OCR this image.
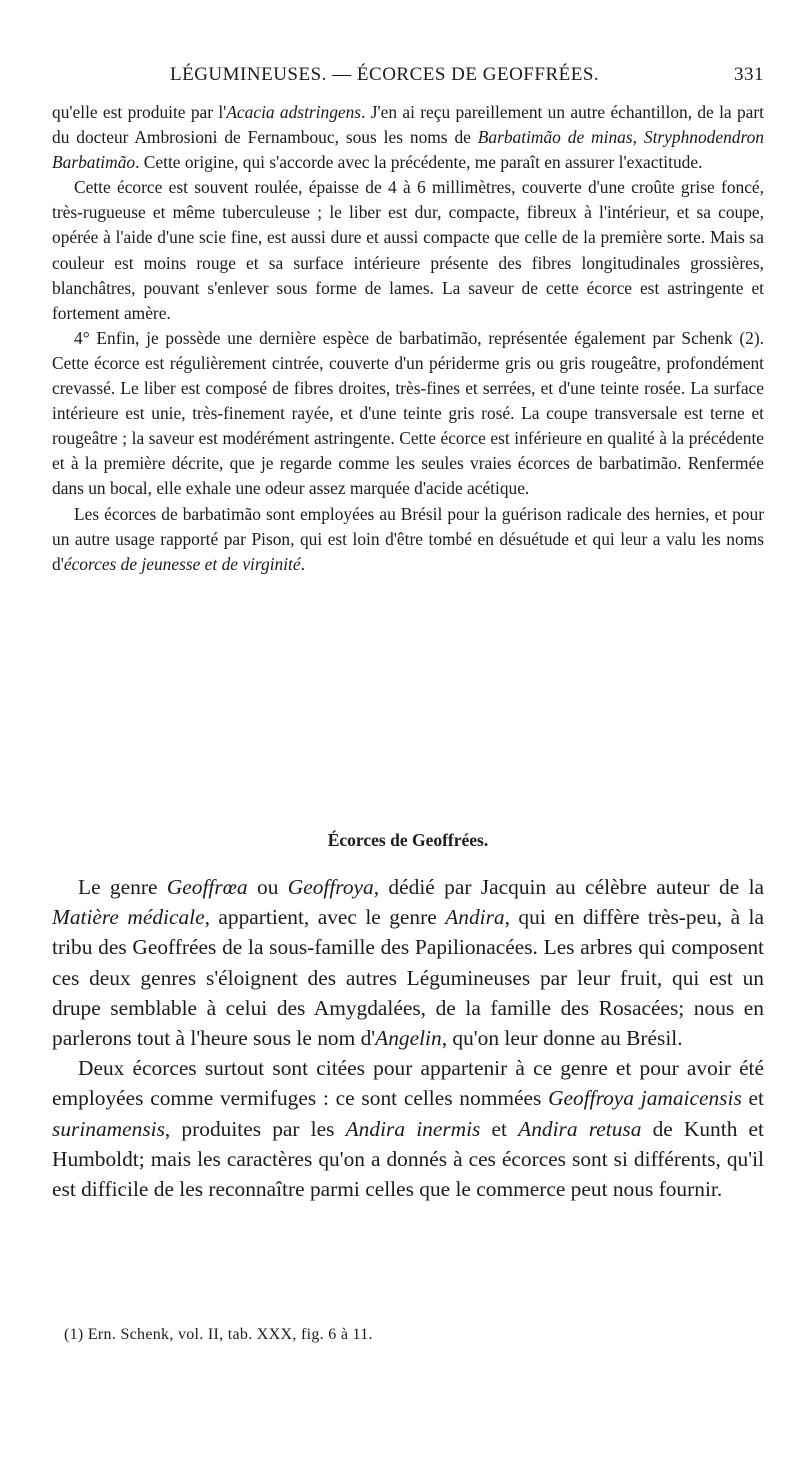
LÉGUMINEUSES. — ÉCORCES DE GEOFFRÉES.	331

qu'elle est produite par l'Acacia adstringens. J'en ai reçu pareillement un autre échantillon, de la part du docteur Ambrosioni de Fernambouc, sous les noms de Barbatimão de minas, Stryphnodendron Barbatimão. Cette origine, qui s'accorde avec la précédente, me paraît en assurer l'exactitude.

Cette écorce est souvent roulée, épaisse de 4 à 6 millimètres, couverte d'une croûte grise foncé, très-rugueuse et même tuberculeuse ; le liber est dur, compacte, fibreux à l'intérieur, et sa coupe, opérée à l'aide d'une scie fine, est aussi dure et aussi compacte que celle de la première sorte. Mais sa couleur est moins rouge et sa surface intérieure présente des fibres longitudinales grossières, blanchâtres, pouvant s'enlever sous forme de lames. La saveur de cette écorce est astringente et fortement amère.

4° Enfin, je possède une dernière espèce de barbatimão, représentée également par Schenk (2). Cette écorce est régulièrement cintrée, couverte d'un périderme gris ou gris rougeâtre, profondément crevassé. Le liber est composé de fibres droites, très-fines et serrées, et d'une teinte rosée. La surface intérieure est unie, très-finement rayée, et d'une teinte gris rosé. La coupe transversale est terne et rougeâtre ; la saveur est modérément astringente. Cette écorce est inférieure en qualité à la précédente et à la première décrite, que je regarde comme les seules vraies écorces de barbatimão. Renfermée dans un bocal, elle exhale une odeur assez marquée d'acide acétique.

Les écorces de barbatimão sont employées au Brésil pour la guérison radicale des hernies, et pour un autre usage rapporté par Pison, qui est loin d'être tombé en désuétude et qui leur a valu les noms d'écorces de jeunesse et de virginité.

Écorces de Geoffrées.

Le genre Geoffrœa ou Geoffroya, dédié par Jacquin au célèbre auteur de la Matière médicale, appartient, avec le genre Andira, qui en diffère très-peu, à la tribu des Geoffrées de la sous-famille des Papilionacées. Les arbres qui composent ces deux genres s'éloignent des autres Légumineuses par leur fruit, qui est un drupe semblable à celui des Amygdalées, de la famille des Rosacées; nous en parlerons tout à l'heure sous le nom d'Angelin, qu'on leur donne au Brésil.

Deux écorces surtout sont citées pour appartenir à ce genre et pour avoir été employées comme vermifuges : ce sont celles nommées Geoffroya jamaicensis et surinamensis, produites par les Andira inermis et Andira retusa de Kunth et Humboldt; mais les caractères qu'on a donnés à ces écorces sont si différents, qu'il est difficile de les reconnaître parmi celles que le commerce peut nous fournir.

(1) Ern. Schenk, vol. II, tab. XXX, fig. 6 à 11.
